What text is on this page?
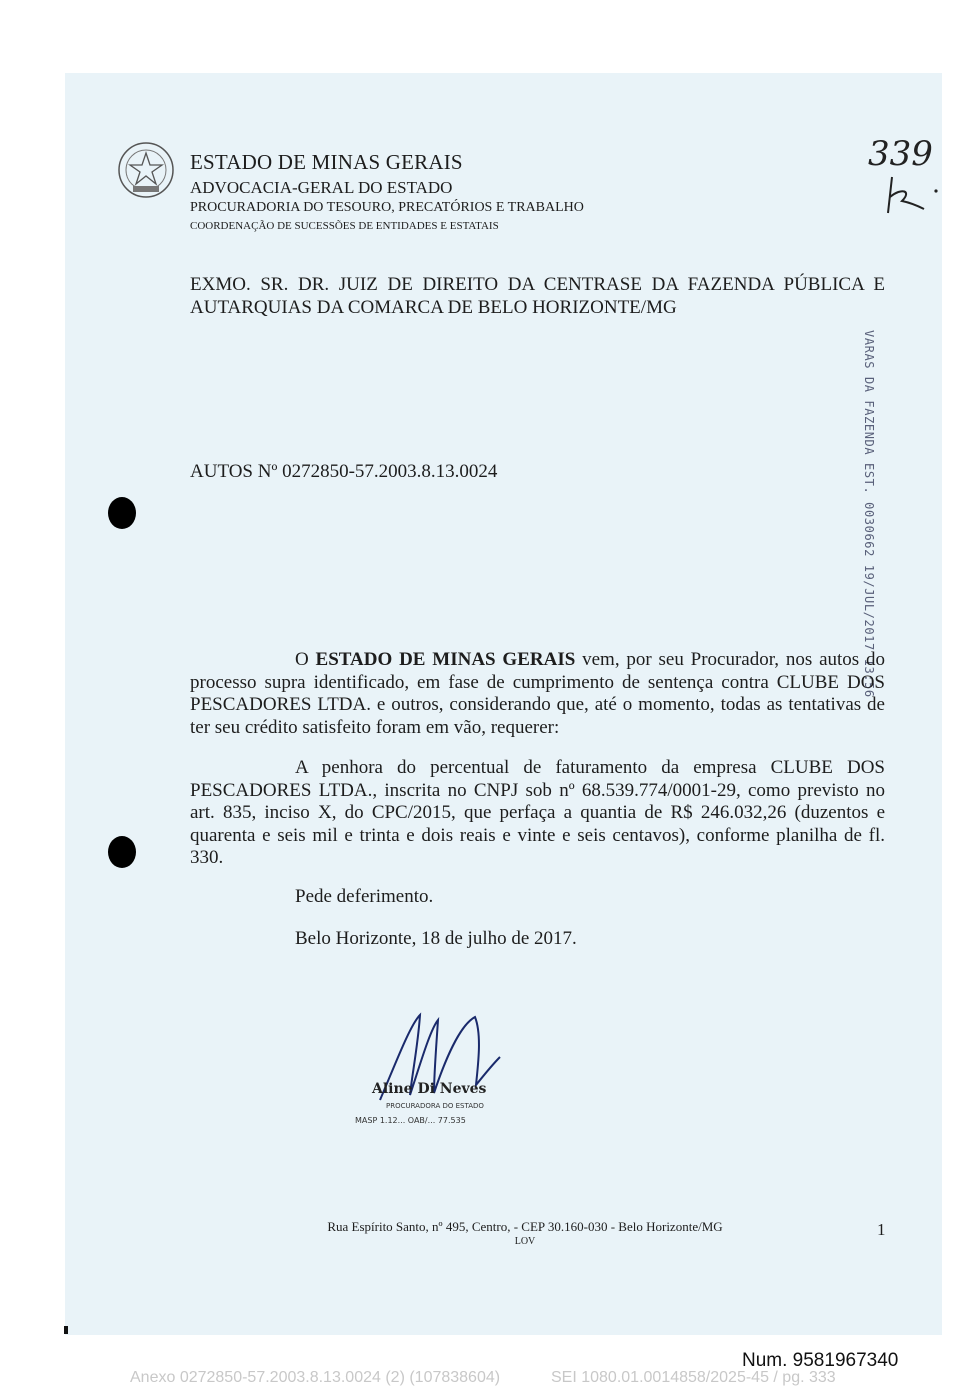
ESTADO DE MINAS GERAIS
ADVOCACIA-GERAL DO ESTADO
PROCURADORIA DO TESOURO, PRECATÓRIOS E TRABALHO
COORDENAÇÃO DE SUCESSÕES DE ENTIDADES E ESTATAIS
339
EXMO. SR. DR. JUIZ DE DIREITO DA CENTRASE DA FAZENDA PÚBLICA E
AUTARQUIAS DA COMARCA DE BELO HORIZONTE/MG
VARAS DA FAZENDA EST. 0030662 19/JUL/2017 13:56
AUTOS Nº 0272850-57.2003.8.13.0024
O ESTADO DE MINAS GERAIS vem, por seu Procurador, nos autos do processo supra identificado, em fase de cumprimento de sentença contra CLUBE DOS PESCADORES LTDA. e outros, considerando que, até o momento, todas as tentativas de ter seu crédito satisfeito foram em vão, requerer:
A penhora do percentual de faturamento da empresa CLUBE DOS PESCADORES LTDA., inscrita no CNPJ sob nº 68.539.774/0001-29, como previsto no art. 835, inciso X, do CPC/2015, que perfaça a quantia de R$ 246.032,26 (duzentos e quarenta e seis mil e trinta e dois reais e vinte e seis centavos), conforme planilha de fl. 330.
Pede deferimento.
Belo Horizonte, 18 de julho de 2017.
Aline Di Neves
PROCURADORA DO ESTADO
MASP 1.12... OAB/... 77.535
Rua Espírito Santo, nº 495, Centro, - CEP 30.160-030 - Belo Horizonte/MG
LOV
1
Num. 9581967340
Anexo 0272850-57.2003.8.13.0024 (2) (107838604)	SEI 1080.01.0014858/2025-45 / pg. 333
